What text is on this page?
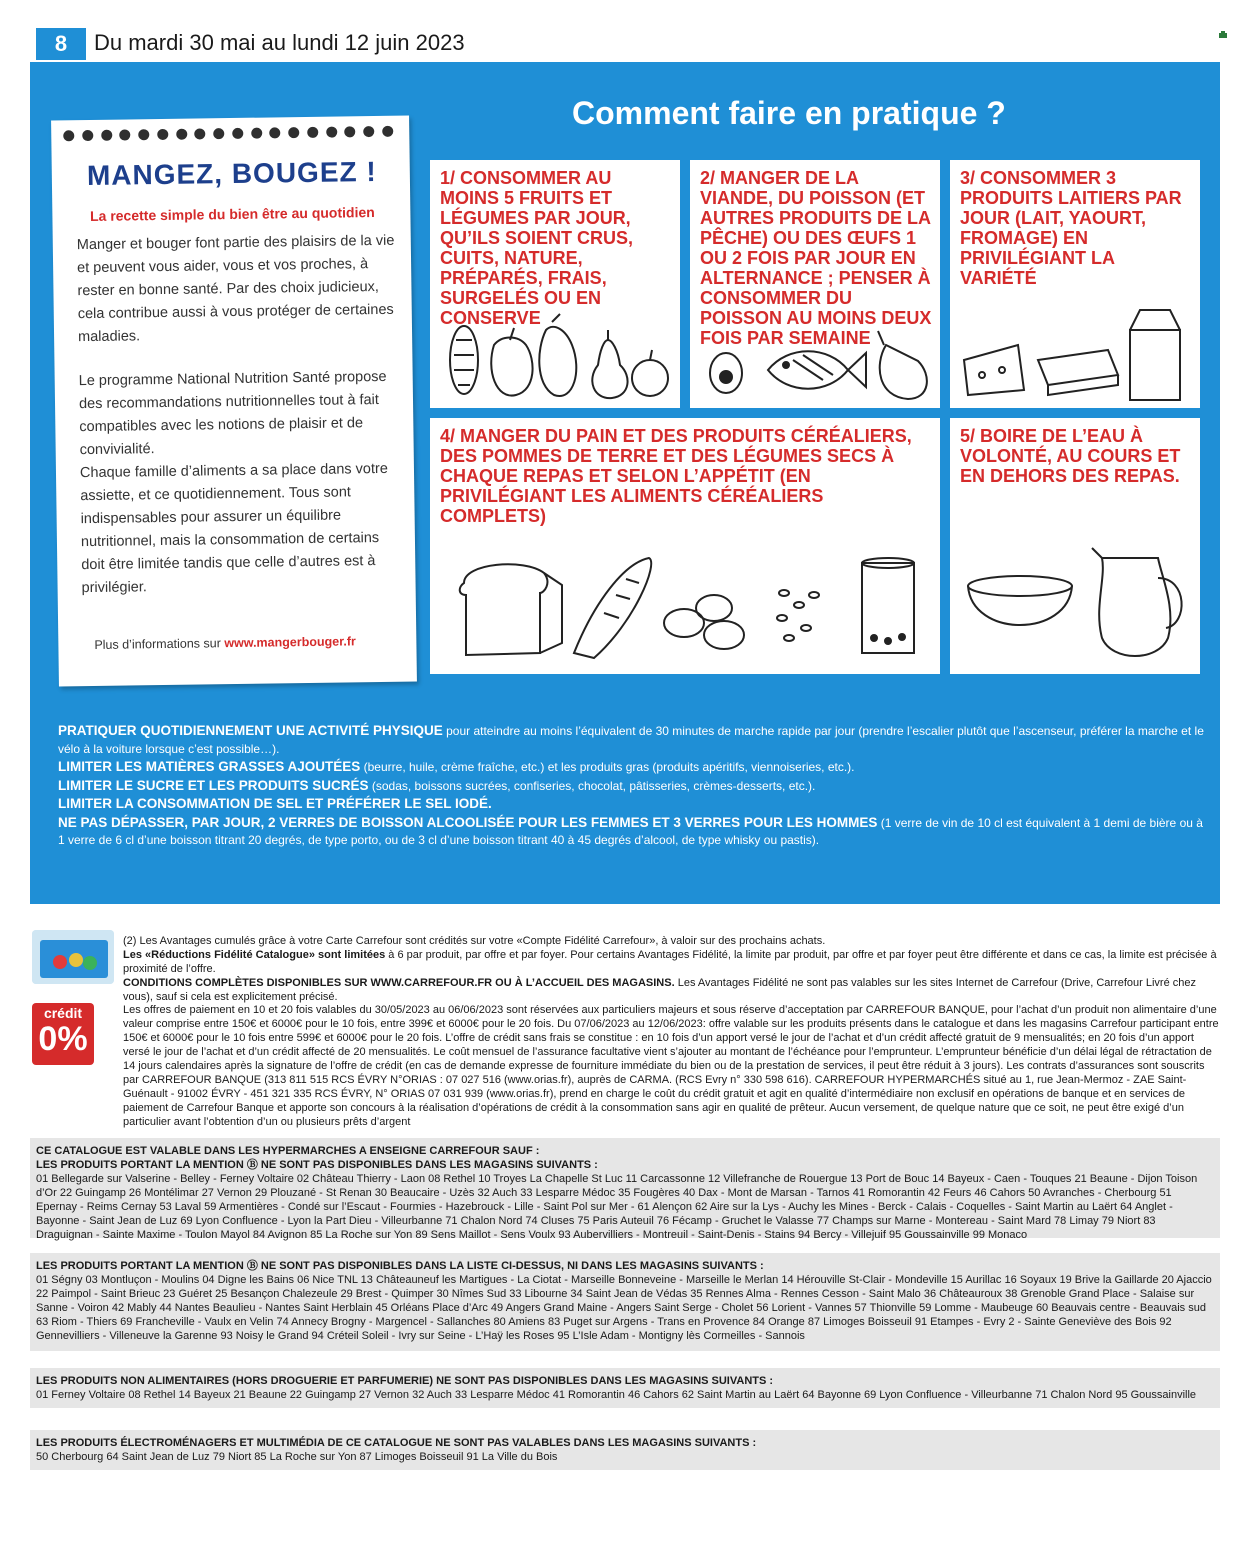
8	Du mardi 30 mai au lundi 12 juin 2023
MANGEZ, BOUGEZ !
La recette simple du bien être au quotidien

Manger et bouger font partie des plaisirs de la vie et peuvent vous aider, vous et vos proches, à rester en bonne santé. Par des choix judicieux, cela contribue aussi à vous protéger de certaines maladies.

Le programme National Nutrition Santé propose des recommandations nutritionnelles tout à fait compatibles avec les notions de plaisir et de convivialité.

Chaque famille d’aliments a sa place dans votre assiette, et ce quotidiennement. Tous sont indispensables pour assurer un équilibre nutritionnel, mais la consommation de certains doit être limitée tandis que celle d’autres est à privilégier.

Plus d’informations sur www.mangerbouger.fr
Comment faire en pratique ?
1/ CONSOMMER AU MOINS 5 FRUITS ET LÉGUMES PAR JOUR, QU’ILS SOIENT CRUS, CUITS, NATURE, PRÉPARÉS, FRAIS, SURGELÉS OU EN CONSERVE
2/ MANGER DE LA VIANDE, DU POISSON (ET AUTRES PRODUITS DE LA PÊCHE) OU DES ŒUFS 1 OU 2 FOIS PAR JOUR EN ALTERNANCE ; PENSER À CONSOMMER DU POISSON AU MOINS DEUX FOIS PAR SEMAINE
3/ CONSOMMER 3 PRODUITS LAITIERS PAR JOUR (LAIT, YAOURT, FROMAGE) EN PRIVILÉGIANT LA VARIÉTÉ
4/ MANGER DU PAIN ET DES PRODUITS CÉRÉALIERS, DES POMMES DE TERRE ET DES LÉGUMES SECS À CHAQUE REPAS ET SELON L’APPÉTIT (EN PRIVILÉGIANT LES ALIMENTS CÉRÉALIERS COMPLETS)
5/ BOIRE DE L’EAU À VOLONTÉ, AU COURS ET EN DEHORS DES REPAS.
PRATIQUER QUOTIDIENNEMENT UNE ACTIVITÉ PHYSIQUE pour atteindre au moins l’équivalent de 30 minutes de marche rapide par jour (prendre l’escalier plutôt que l’ascenseur, préférer la marche et le vélo à la voiture lorsque c’est possible…).
LIMITER LES MATIÈRES GRASSES AJOUTÉES (beurre, huile, crème fraîche, etc.) et les produits gras (produits apéritifs, viennoiseries, etc.).
LIMITER LE SUCRE ET LES PRODUITS SUCRÉS (sodas, boissons sucrées, confiseries, chocolat, pâtisseries, crèmes-desserts, etc.).
LIMITER LA CONSOMMATION DE SEL ET PRÉFÉRER LE SEL IODÉ.
NE PAS DÉPASSER, PAR JOUR, 2 VERRES DE BOISSON ALCOOLISÉE POUR LES FEMMES ET 3 VERRES POUR LES HOMMES (1 verre de vin de 10 cl est équivalent à 1 demi de bière ou à 1 verre de 6 cl d’une boisson titrant 20 degrés, de type porto, ou de 3 cl d’une boisson titrant 40 à 45 degrés d’alcool, de type whisky ou pastis).
(2) Les Avantages cumulés grâce à votre Carte Carrefour sont crédités sur votre «Compte Fidélité Carrefour», à valoir sur des prochains achats.
Les «Réductions Fidélité Catalogue» sont limitées à 6 par produit, par offre et par foyer. Pour certains Avantages Fidélité, la limite par produit, par offre et par foyer peut être différente et dans ce cas, la limite est précisée à proximité de l’offre.
CONDITIONS COMPLÈTES DISPONIBLES SUR WWW.CARREFOUR.FR OU À L’ACCUEIL DES MAGASINS. Les Avantages Fidélité ne sont pas valables sur les sites Internet de Carrefour (Drive, Carrefour Livré chez vous), sauf si cela est explicitement précisé.
crédit
0%
Les offres de paiement en 10 et 20 fois valables du 30/05/2023 au 06/06/2023 sont réservées aux particuliers majeurs et sous réserve d’acceptation par CARREFOUR BANQUE, pour l’achat d’un produit non alimentaire d’une valeur comprise entre 150€ et 6000€ pour le 10 fois, entre 399€ et 6000€ pour le 20 fois. Du 07/06/2023 au 12/06/2023: offre valable sur les produits présents dans le catalogue et dans les magasins Carrefour participant entre 150€ et 6000€ pour le 10 fois entre 599€ et 6000€ pour le 20 fois. L’offre de crédit sans frais se constitue : en 10 fois d’un apport versé le jour de l’achat et d’un crédit affecté gratuit de 9 mensualités; en 20 fois d’un apport versé le jour de l’achat et d’un crédit affecté de 20 mensualités. Le coût mensuel de l’assurance facultative vient s’ajouter au montant de l’échéance pour l’emprunteur. L’emprunteur bénéficie d’un délai légal de rétractation de 14 jours calendaires après la signature de l’offre de crédit (en cas de demande expresse de fourniture immédiate du bien ou de la prestation de services, il peut être réduit à 3 jours). Les contrats d’assurances sont souscrits par CARREFOUR BANQUE (313 811 515 RCS ÉVRY N°ORIAS : 07 027 516 (www.orias.fr), auprès de CARMA. (RCS Evry n° 330 598 616). CARREFOUR HYPERMARCHÉS situé au 1, rue Jean-Mermoz - ZAE Saint-Guénault - 91002 ÉVRY - 451 321 335 RCS ÉVRY, N° ORIAS 07 031 939 (www.orias.fr), prend en charge le coût du crédit gratuit et agit en qualité d’intermédiaire non exclusif en opérations de banque et en services de paiement de Carrefour Banque et apporte son concours à la réalisation d’opérations de crédit à la consommation sans agir en qualité de prêteur. Aucun versement, de quelque nature que ce soit, ne peut être exigé d’un particulier avant l’obtention d’un ou plusieurs prêts d’argent
CE CATALOGUE EST VALABLE DANS LES HYPERMARCHES A ENSEIGNE CARREFOUR SAUF :
LES PRODUITS PORTANT LA MENTION Ⓑ NE SONT PAS DISPONIBLES DANS LES MAGASINS SUIVANTS :
01 Bellegarde sur Valserine - Belley - Ferney Voltaire 02 Château Thierry - Laon 08 Rethel 10 Troyes La Chapelle St Luc 11 Carcassonne 12 Villefranche de Rouergue 13 Port de Bouc 14 Bayeux - Caen - Touques 21 Beaune - Dijon Toison d’Or 22 Guingamp 26 Montélimar 27 Vernon 29 Plouzané - St Renan 30 Beaucaire - Uzès 32 Auch 33 Lesparre Médoc 35 Fougères 40 Dax - Mont de Marsan - Tarnos 41 Romorantin 42 Feurs 46 Cahors 50 Avranches - Cherbourg 51 Epernay - Reims Cernay 53 Laval 59 Armentières - Condé sur l’Escaut - Fourmies - Hazebrouck - Lille - Saint Pol sur Mer - 61 Alençon 62 Aire sur la Lys - Auchy les Mines - Berck - Calais - Coquelles - Saint Martin au Laërt 64 Anglet - Bayonne - Saint Jean de Luz 69 Lyon Confluence - Lyon la Part Dieu - Villeurbanne 71 Chalon Nord 74 Cluses 75 Paris Auteuil 76 Fécamp - Gruchet le Valasse 77 Champs sur Marne - Montereau - Saint Mard 78 Limay 79 Niort 83 Draguignan - Sainte Maxime - Toulon Mayol 84 Avignon 85 La Roche sur Yon 89 Sens Maillot - Sens Voulx 93 Aubervilliers - Montreuil - Saint-Denis - Stains 94 Bercy - Villejuif 95 Goussainville 99 Monaco
LES PRODUITS PORTANT LA MENTION Ⓑ NE SONT PAS DISPONIBLES DANS LA LISTE CI-DESSUS, NI DANS LES MAGASINS SUIVANTS :
01 Ségny 03 Montluçon - Moulins 04 Digne les Bains 06 Nice TNL 13 Châteauneuf les Martigues - La Ciotat - Marseille Bonneveine - Marseille le Merlan 14 Hérouville St-Clair - Mondeville 15 Aurillac 16 Soyaux 19 Brive la Gaillarde 20 Ajaccio 22 Paimpol - Saint Brieuc 23 Guéret 25 Besançon Chalezeule 29 Brest - Quimper 30 Nîmes Sud 33 Libourne 34 Saint Jean de Védas 35 Rennes Alma - Rennes Cesson - Saint Malo 36 Châteauroux 38 Grenoble Grand Place - Salaise sur Sanne - Voiron 42 Mably 44 Nantes Beaulieu - Nantes Saint Herblain 45 Orléans Place d’Arc 49 Angers Grand Maine - Angers Saint Serge - Cholet 56 Lorient - Vannes 57 Thionville 59 Lomme - Maubeuge 60 Beauvais centre - Beauvais sud 63 Riom - Thiers 69 Francheville - Vaulx en Velin 74 Annecy Brogny - Margencel - Sallanches 80 Amiens 83 Puget sur Argens - Trans en Provence 84 Orange 87 Limoges Boisseuil 91 Etampes - Evry 2 - Sainte Geneviève des Bois 92 Gennevilliers - Villeneuve la Garenne 93 Noisy le Grand 94 Créteil Soleil - Ivry sur Seine - L’Haÿ les Roses 95 L’Isle Adam - Montigny lès Cormeilles - Sannois
LES PRODUITS NON ALIMENTAIRES (HORS DROGUERIE ET PARFUMERIE) NE SONT PAS DISPONIBLES DANS LES MAGASINS SUIVANTS :
01 Ferney Voltaire 08 Rethel 14 Bayeux 21 Beaune 22 Guingamp 27 Vernon 32 Auch 33 Lesparre Médoc 41 Romorantin 46 Cahors 62 Saint Martin au Laërt 64 Bayonne 69 Lyon Confluence - Villeurbanne 71 Chalon Nord 95 Goussainville
LES PRODUITS ÉLECTROMÉNAGERS ET MULTIMÉDIA DE CE CATALOGUE NE SONT PAS VALABLES DANS LES MAGASINS SUIVANTS :
50 Cherbourg 64 Saint Jean de Luz 79 Niort 85 La Roche sur Yon 87 Limoges Boisseuil 91 La Ville du Bois
